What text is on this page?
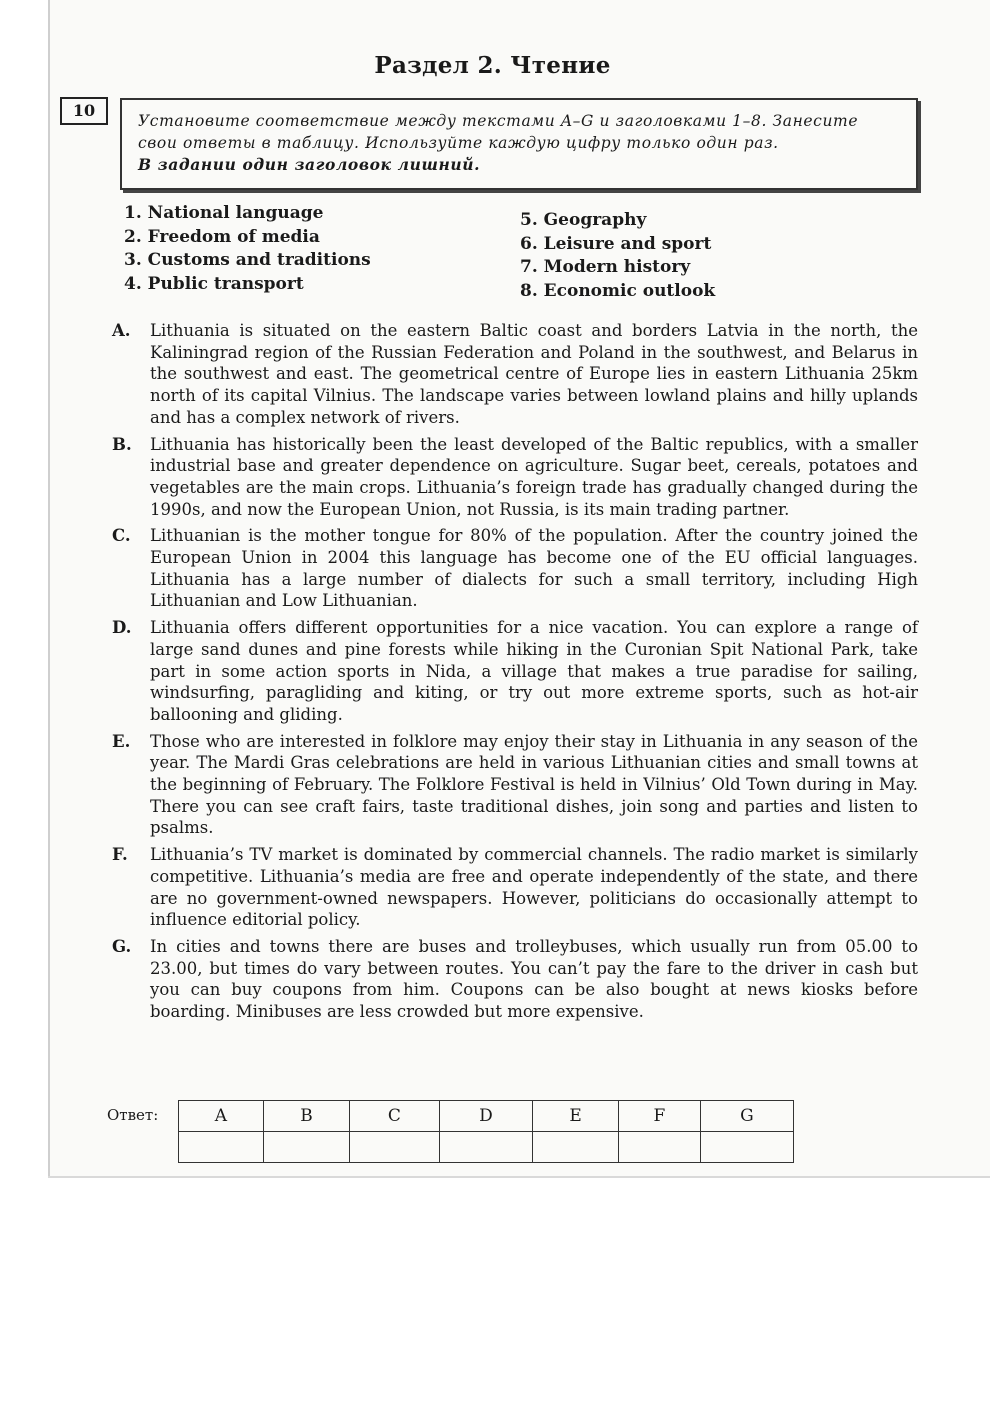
Раздел 2. Чтение
10
Установите соответствие между текстами A–G и заголовками 1–8. Занесите
свои ответы в таблицу. Используйте каждую цифру только один раз.
В задании один заголовок лишний.
1. National language
2. Freedom of media
3. Customs and traditions
4. Public transport
5. Geography
6. Leisure and sport
7. Modern history
8. Economic outlook
A.	Lithuania is situated on the eastern Baltic coast and borders Latvia in the north, the Kaliningrad region of the Russian Federation and Poland in the southwest, and Belarus in the southwest and east. The geometrical centre of Europe lies in eastern Lithuania 25km north of its capital Vilnius. The landscape varies between lowland plains and hilly uplands and has a complex network of rivers.
B.	Lithuania has historically been the least developed of the Baltic republics, with a smaller industrial base and greater dependence on agriculture. Sugar beet, cereals, potatoes and vegetables are the main crops. Lithuania’s foreign trade has gradually changed during the 1990s, and now the European Union, not Russia, is its main trading partner.
C.	Lithuanian is the mother tongue for 80% of the population. After the country joined the European Union in 2004 this language has become one of the EU official languages. Lithuania has a large number of dialects for such a small territory, including High Lithuanian and Low Lithuanian.
D.	Lithuania offers different opportunities for a nice vacation. You can explore a range of large sand dunes and pine forests while hiking in the Curonian Spit National Park, take part in some action sports in Nida, a village that makes a true paradise for sailing, windsurfing, paragliding and kiting, or try out more extreme sports, such as hot-air ballooning and gliding.
E.	Those who are interested in folklore may enjoy their stay in Lithuania in any season of the year. The Mardi Gras celebrations are held in various Lithuanian cities and small towns at the beginning of February. The Folklore Festival is held in Vilnius’ Old Town during in May. There you can see craft fairs, taste traditional dishes, join song and parties and listen to psalms.
F.	Lithuania’s TV market is dominated by commercial channels. The radio market is similarly competitive. Lithuania’s media are free and operate independently of the state, and there are no government-owned newspapers. However, politicians do occasionally attempt to influence editorial policy.
G.	In cities and towns there are buses and trolleybuses, which usually run from 05.00 to 23.00, but times do vary between routes. You can’t pay the fare to the driver in cash but you can buy coupons from him. Coupons can be also bought at news kiosks before boarding. Minibuses are less crowded but more expensive.
Ответ:	A	B	C	D	E	F	G
